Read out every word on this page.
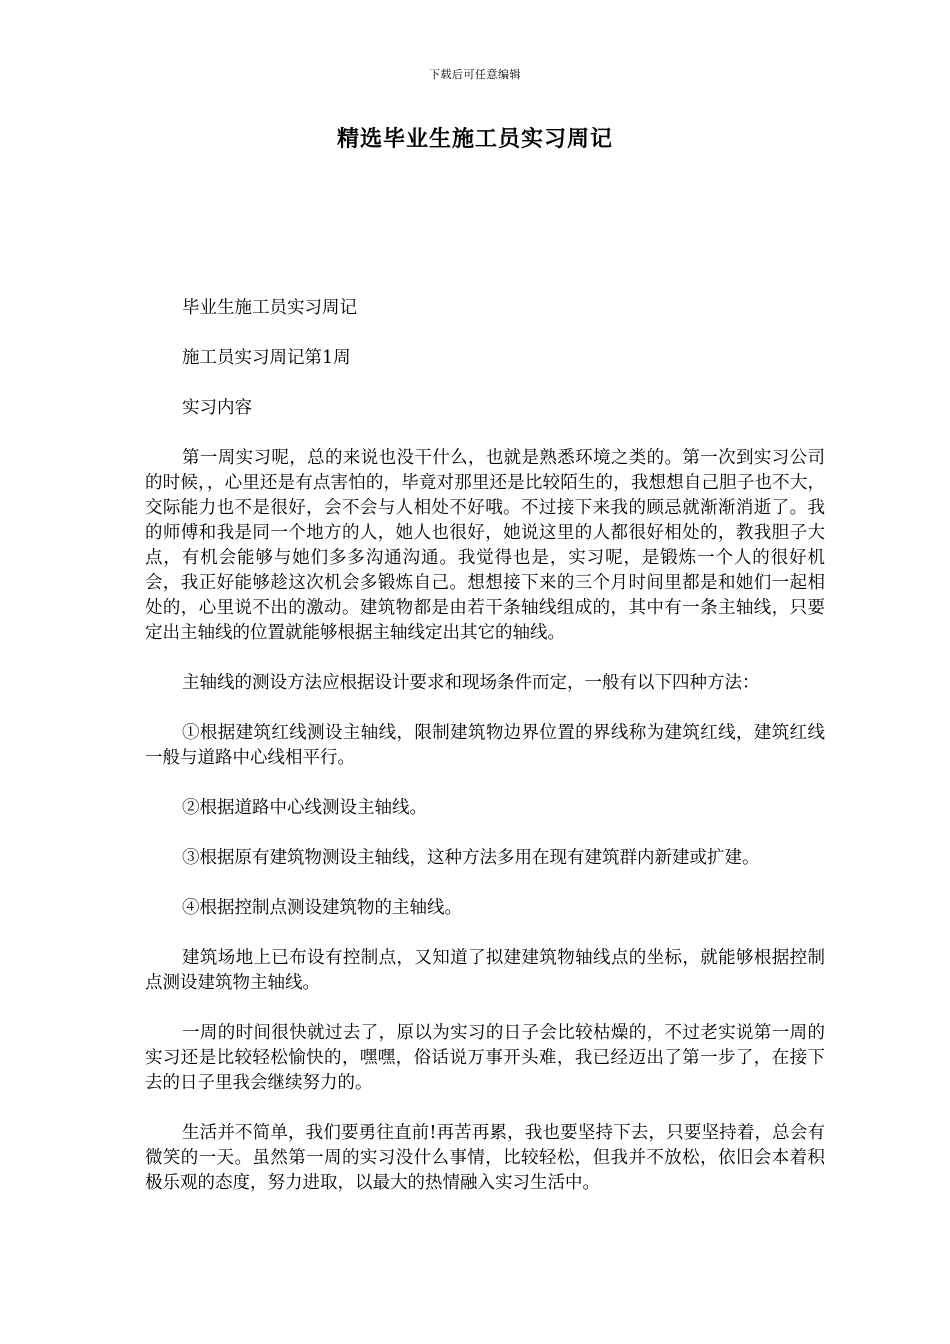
下载后可任意编辑
精选毕业生施工员实习周记

毕业生施工员实习周记

施工员实习周记第1周

实习内容

第一周实习呢，总的来说也没干什么，也就是熟悉环境之类的。第一次到实习公司的时候，，心里还是有点害怕的，毕竟对那里还是比较陌生的，我想想自己胆子也不大，交际能力也不是很好，会不会与人相处不好哦。不过接下来我的顾忌就渐渐消逝了。我的师傅和我是同一个地方的人，她人也很好，她说这里的人都很好相处的，教我胆子大点，有机会能够与她们多多沟通沟通。我觉得也是，实习呢，是锻炼一个人的很好机会，我正好能够趁这次机会多锻炼自己。想想接下来的三个月时间里都是和她们一起相处的，心里说不出的激动。建筑物都是由若干条轴线组成的，其中有一条主轴线，只要定出主轴线的位置就能够根据主轴线定出其它的轴线。

主轴线的测设方法应根据设计要求和现场条件而定，一般有以下四种方法：

①根据建筑红线测设主轴线，限制建筑物边界位置的界线称为建筑红线，建筑红线一般与道路中心线相平行。

②根据道路中心线测设主轴线。

③根据原有建筑物测设主轴线，这种方法多用在现有建筑群内新建或扩建。

④根据控制点测设建筑物的主轴线。

建筑场地上已布设有控制点，又知道了拟建建筑物轴线点的坐标，就能够根据控制点测设建筑物主轴线。

一周的时间很快就过去了，原以为实习的日子会比较枯燥的，不过老实说第一周的实习还是比较轻松愉快的，嘿嘿，俗话说万事开头难，我已经迈出了第一步了，在接下去的日子里我会继续努力的。

生活并不简单，我们要勇往直前!再苦再累，我也要坚持下去，只要坚持着，总会有微笑的一天。虽然第一周的实习没什么事情，比较轻松，但我并不放松，依旧会本着积极乐观的态度，努力进取，以最大的热情融入实习生活中。
